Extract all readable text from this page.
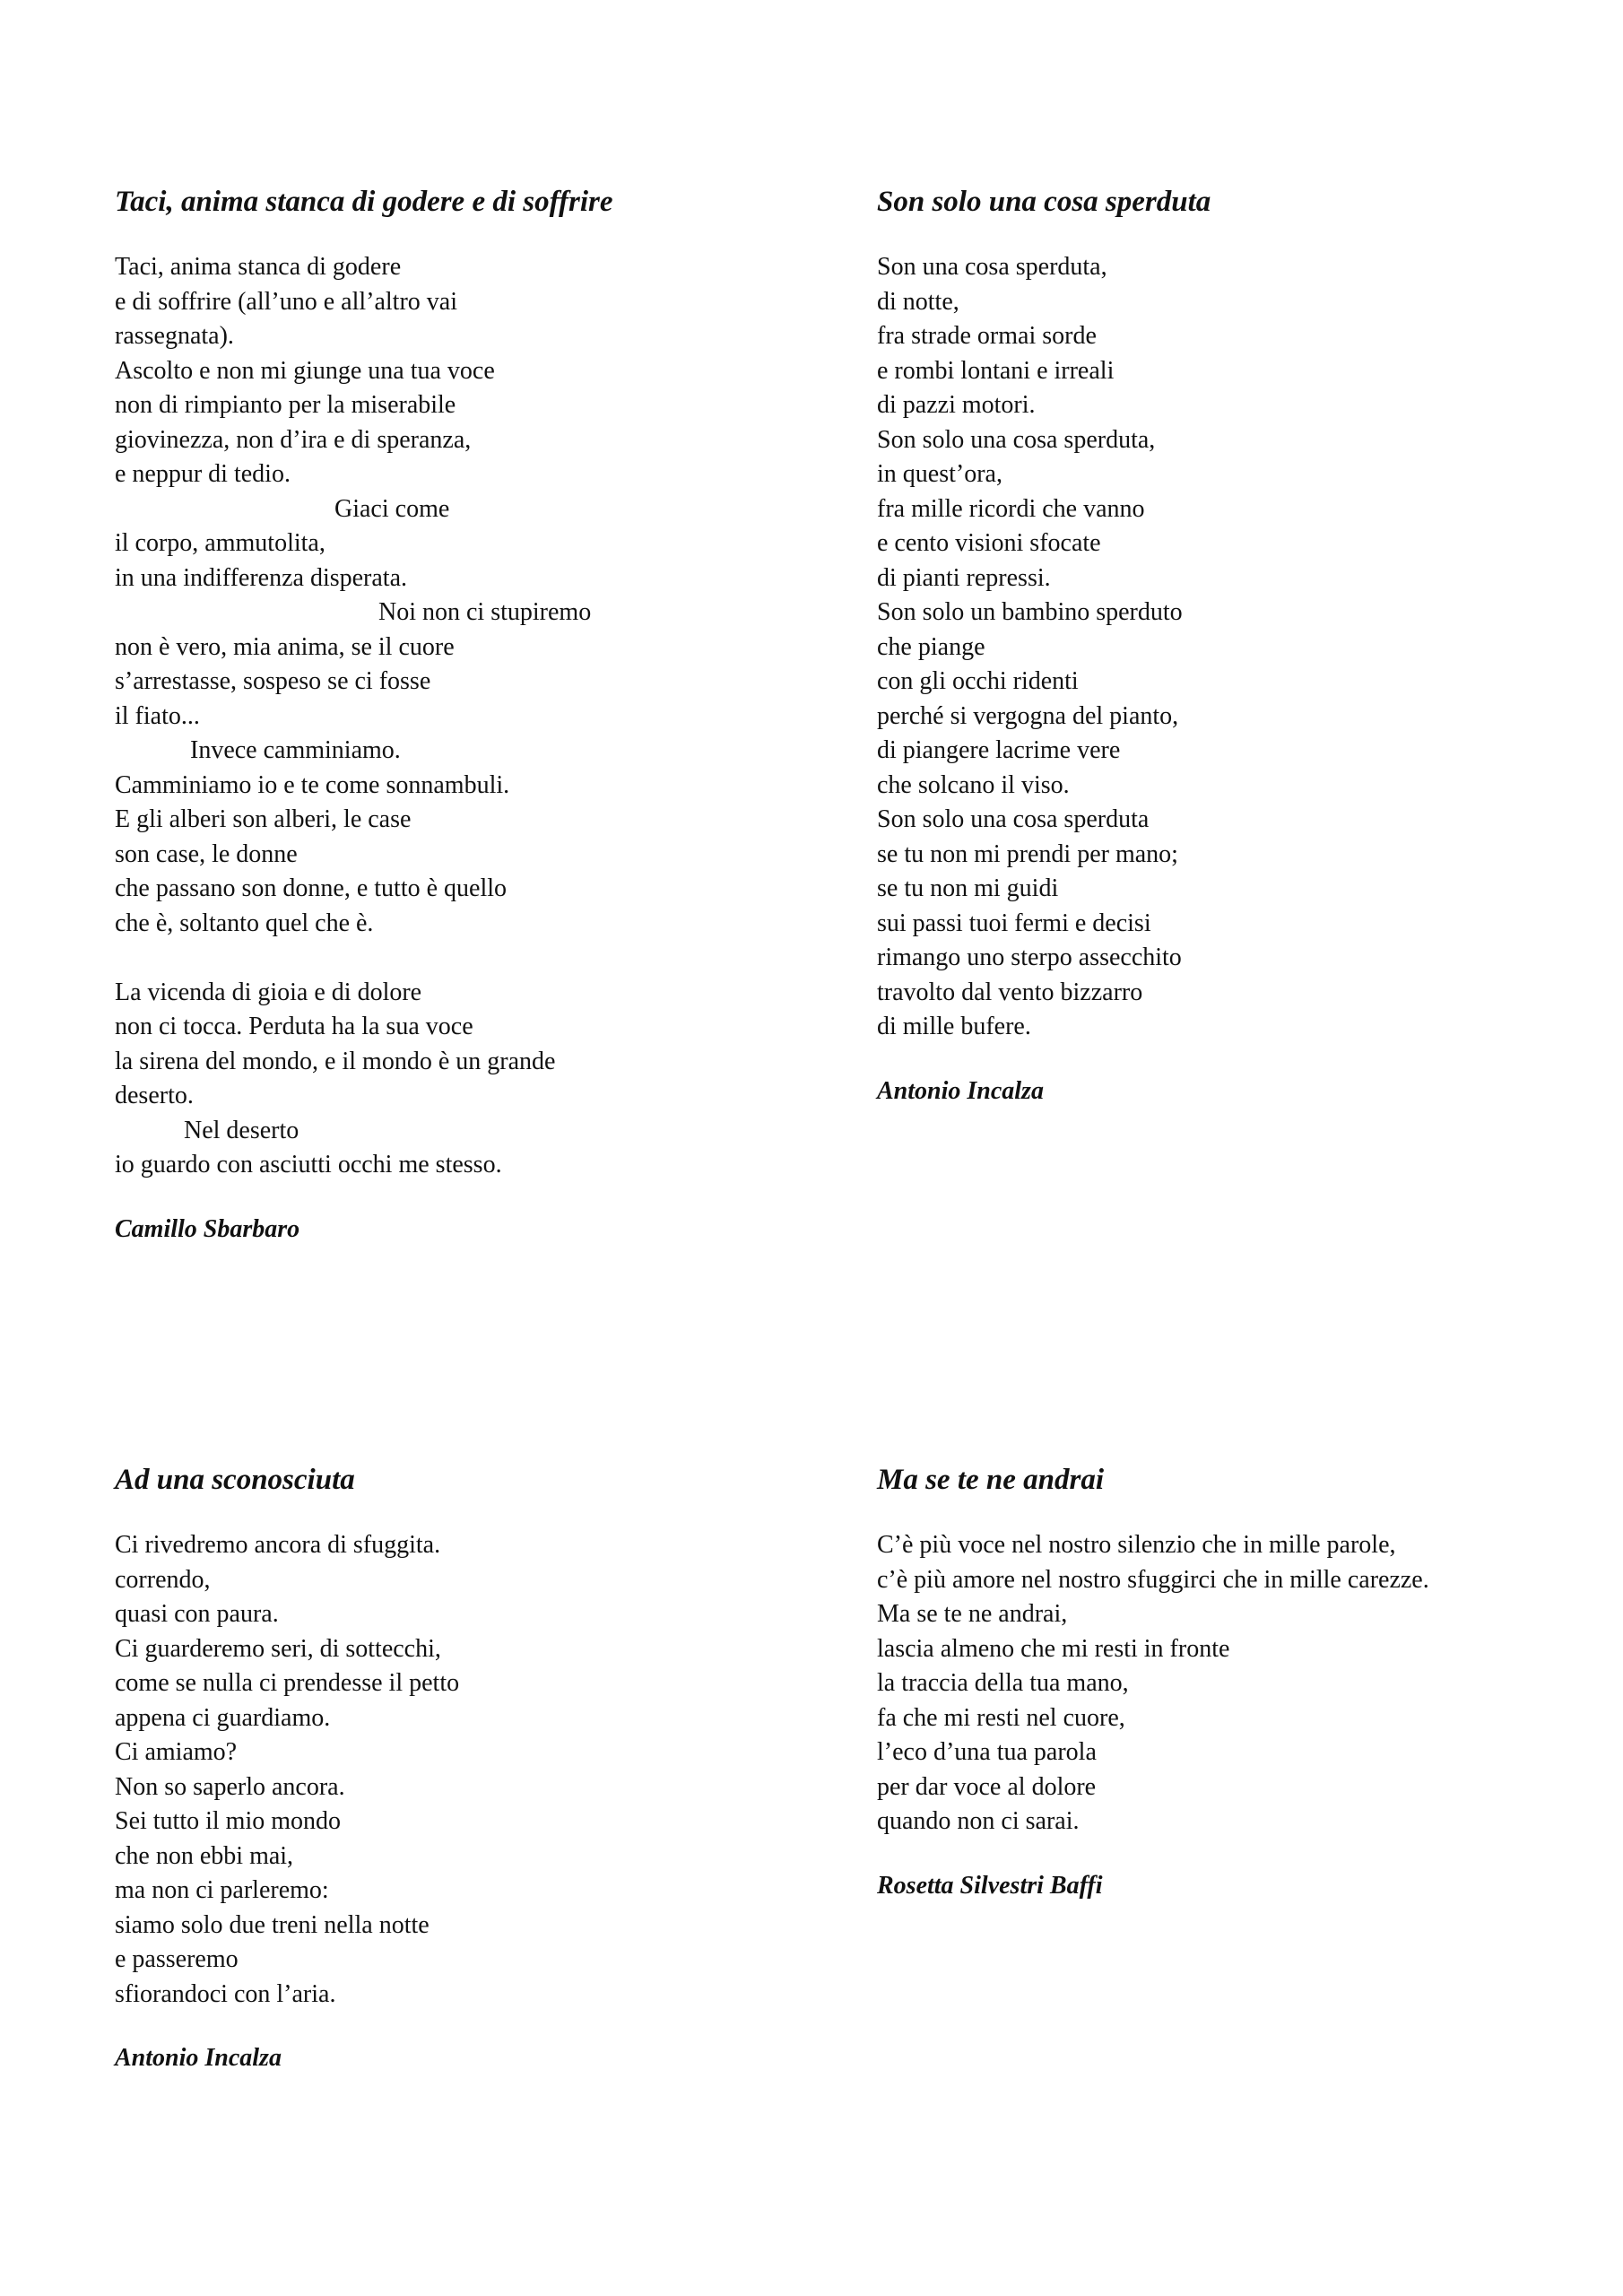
Taci, anima stanca di godere e di soffrire
Taci, anima stanca di godere
e di soffrire (all’uno e all’altro vai
rassegnata).
Ascolto e non mi giunge una tua voce
non di rimpianto per la miserabile
giovinezza, non d’ira e di speranza,
e neppur di tedio.
Giaci come
il corpo, ammutolita,
in una indifferenza disperata.
Noi non ci stupiremo
non è vero, mia anima, se il cuore
s’arrestasse, sospeso se ci fosse
il fiato...
Invece camminiamo.
Camminiamo io e te come sonnambuli.
E gli alberi son alberi, le case
son case, le donne
che passano son donne, e tutto è quello
che è, soltanto quel che è.
La vicenda di gioia e di dolore
non ci tocca. Perduta ha la sua voce
la sirena del mondo, e il mondo è un grande
deserto.
Nel deserto
io guardo con asciutti occhi me stesso.
Camillo Sbarbaro
Son solo una cosa sperduta
Son una cosa sperduta,
di notte,
fra strade ormai sorde
e rombi lontani e irreali
di pazzi motori.
Son solo una cosa sperduta,
in quest’ora,
fra mille ricordi che vanno
e cento visioni sfocate
di pianti repressi.
Son solo un bambino sperduto
che piange
con gli occhi ridenti
perché si vergogna del pianto,
di piangere lacrime vere
che solcano il viso.
Son solo una cosa sperduta
se tu non mi prendi per mano;
se tu non mi guidi
sui passi tuoi fermi e decisi
rimango uno sterpo assecchito
travolto dal vento bizzarro
di mille bufere.
Antonio Incalza
Ad una sconosciuta
Ci rivedremo ancora di sfuggita.
correndo,
quasi con paura.
Ci guarderemo seri, di sottecchi,
come se nulla ci prendesse il petto
appena ci guardiamo.
Ci amiamo?
Non so saperlo ancora.
Sei tutto il mio mondo
che non ebbi mai,
ma non ci parleremo:
siamo solo due treni nella notte
e passeremo
sfiorandoci con l’aria.
Antonio Incalza
Ma se te ne andrai
C’è più voce nel nostro silenzio che in mille parole,
c’è più amore nel nostro sfuggirci che in mille carezze.
Ma se te ne andrai,
lascia almeno che mi resti in fronte
la traccia della tua mano,
fa che mi resti nel cuore,
l’eco d’una tua parola
per dar voce al dolore
quando non ci sarai.
Rosetta Silvestri Baffi
